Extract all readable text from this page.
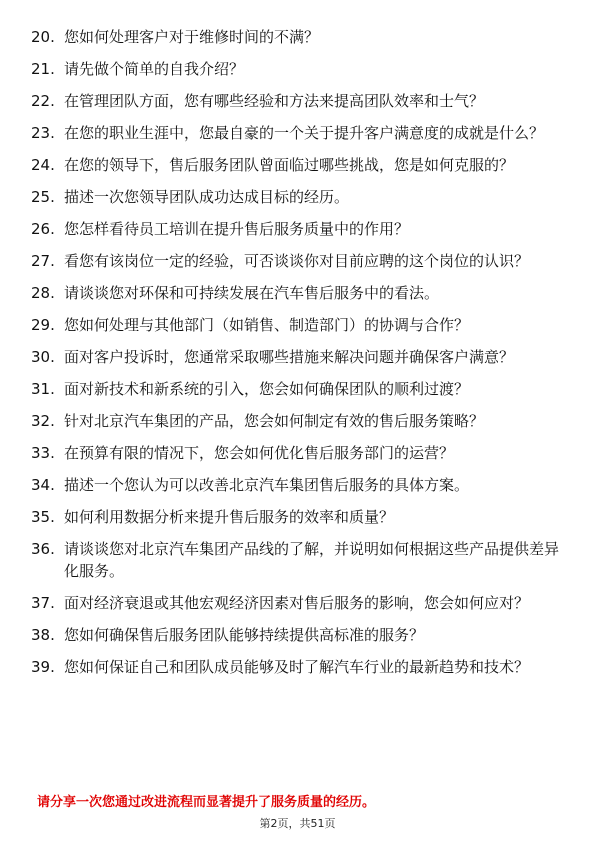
20. 您如何处理客户对于维修时间的不满？
21. 请先做个简单的自我介绍？
22. 在管理团队方面，您有哪些经验和方法来提高团队效率和士气？
23. 在您的职业生涯中，您最自豪的一个关于提升客户满意度的成就是什么？
24. 在您的领导下，售后服务团队曾面临过哪些挑战，您是如何克服的？
25. 描述一次您领导团队成功达成目标的经历。
26. 您怎样看待员工培训在提升售后服务质量中的作用？
27. 看您有该岗位一定的经验，可否谈谈你对目前应聘的这个岗位的认识？
28. 请谈谈您对环保和可持续发展在汽车售后服务中的看法。
29. 您如何处理与其他部门（如销售、制造部门）的协调与合作？
30. 面对客户投诉时，您通常采取哪些措施来解决问题并确保客户满意？
31. 面对新技术和新系统的引入，您会如何确保团队的顺利过渡？
32. 针对北京汽车集团的产品，您会如何制定有效的售后服务策略？
33. 在预算有限的情况下，您会如何优化售后服务部门的运营？
34. 描述一个您认为可以改善北京汽车集团售后服务的具体方案。
35. 如何利用数据分析来提升售后服务的效率和质量？
36. 请谈谈您对北京汽车集团产品线的了解，并说明如何根据这些产品提供差异化服务。
37. 面对经济衰退或其他宏观经济因素对售后服务的影响，您会如何应对？
38. 您如何确保售后服务团队能够持续提供高标准的服务？
39. 您如何保证自己和团队成员能够及时了解汽车行业的最新趋势和技术？
请分享一次您通过改进流程而显著提升了服务质量的经历。
第2页，共51页
